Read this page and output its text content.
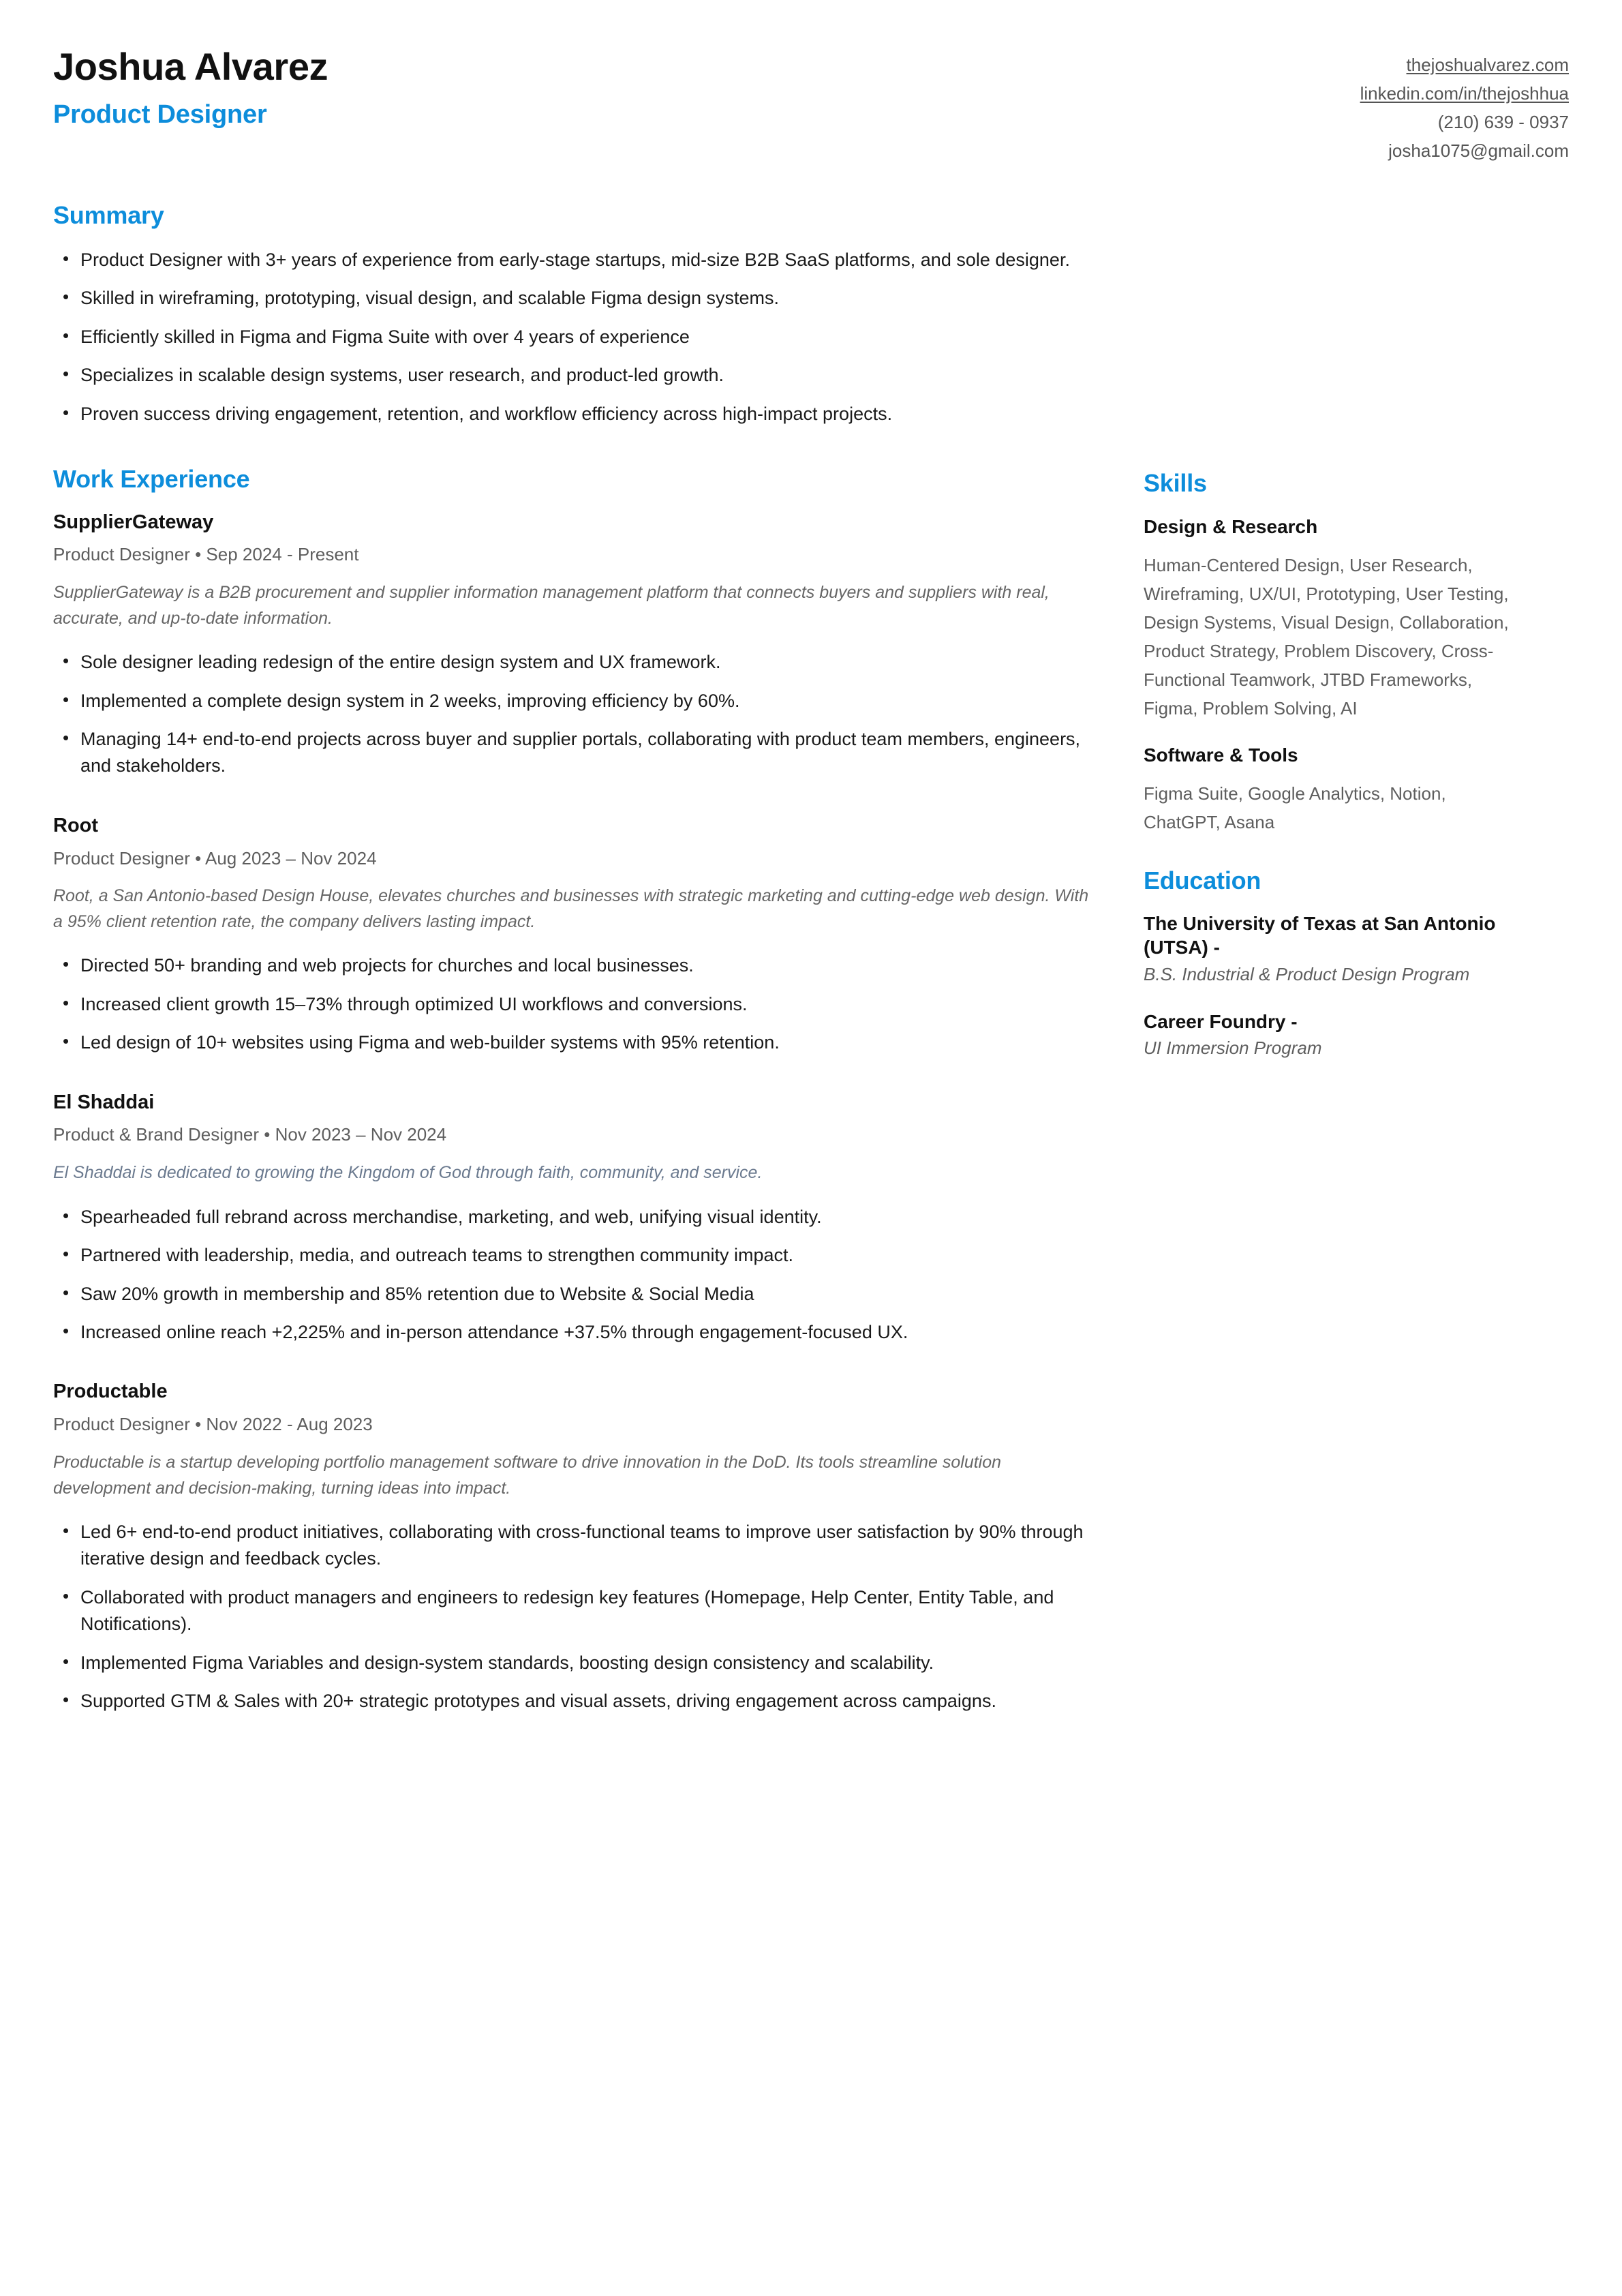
Joshua Alvarez
Product Designer
thejoshualvarez.com
linkedin.com/in/thejoshhua
(210) 639 - 0937
josha1075@gmail.com
Summary
• Product Designer with 3+ years of experience from early-stage startups, mid-size B2B SaaS platforms, and sole designer.
• Skilled in wireframing, prototyping, visual design, and scalable Figma design systems.
• Efficiently skilled in Figma and Figma Suite with over 4 years of experience
• Specializes in scalable design systems, user research, and product-led growth.
• Proven success driving engagement, retention, and workflow efficiency across high-impact projects.
Work Experience
SupplierGateway
Product Designer • Sep 2024 - Present
SupplierGateway is a B2B procurement and supplier information management platform that connects buyers and suppliers with real, accurate, and up-to-date information.
• Sole designer leading redesign of the entire design system and UX framework.
• Implemented a complete design system in 2 weeks, improving efficiency by 60%.
• Managing 14+ end-to-end projects across buyer and supplier portals, collaborating with product team members, engineers, and stakeholders.
Root
Product Designer • Aug 2023 – Nov 2024
Root, a San Antonio-based Design House, elevates churches and businesses with strategic marketing and cutting-edge web design. With a 95% client retention rate, the company delivers lasting impact.
• Directed 50+ branding and web projects for churches and local businesses.
• Increased client growth 15–73% through optimized UI workflows and conversions.
• Led design of 10+ websites using Figma and web-builder systems with 95% retention.
El Shaddai
Product & Brand Designer • Nov 2023 – Nov 2024
El Shaddai is dedicated to growing the Kingdom of God through faith, community, and service.
• Spearheaded full rebrand across merchandise, marketing, and web, unifying visual identity.
• Partnered with leadership, media, and outreach teams to strengthen community impact.
• Saw 20% growth in membership and 85% retention due to Website & Social Media
• Increased online reach +2,225% and in-person attendance +37.5% through engagement-focused UX.
Productable
Product Designer • Nov 2022 - Aug 2023
Productable is a startup developing portfolio management software to drive innovation in the DoD. Its tools streamline solution development and decision-making, turning ideas into impact.
• Led 6+ end-to-end product initiatives, collaborating with cross-functional teams to improve user satisfaction by 90% through iterative design and feedback cycles.
• Collaborated with product managers and engineers to redesign key features (Homepage, Help Center, Entity Table, and Notifications).
• Implemented Figma Variables and design-system standards, boosting design consistency and scalability.
• Supported GTM & Sales with 20+ strategic prototypes and visual assets, driving engagement across campaigns.
Skills
Design & Research
Human-Centered Design, User Research, Wireframing, UX/UI, Prototyping, User Testing, Design Systems, Visual Design, Collaboration, Product Strategy, Problem Discovery, Cross-Functional Teamwork, JTBD Frameworks, Figma, Problem Solving, AI
Software & Tools
Figma Suite, Google Analytics, Notion, ChatGPT, Asana
Education
The University of Texas at San Antonio (UTSA) -
B.S. Industrial & Product Design Program
Career Foundry -
UI Immersion Program
